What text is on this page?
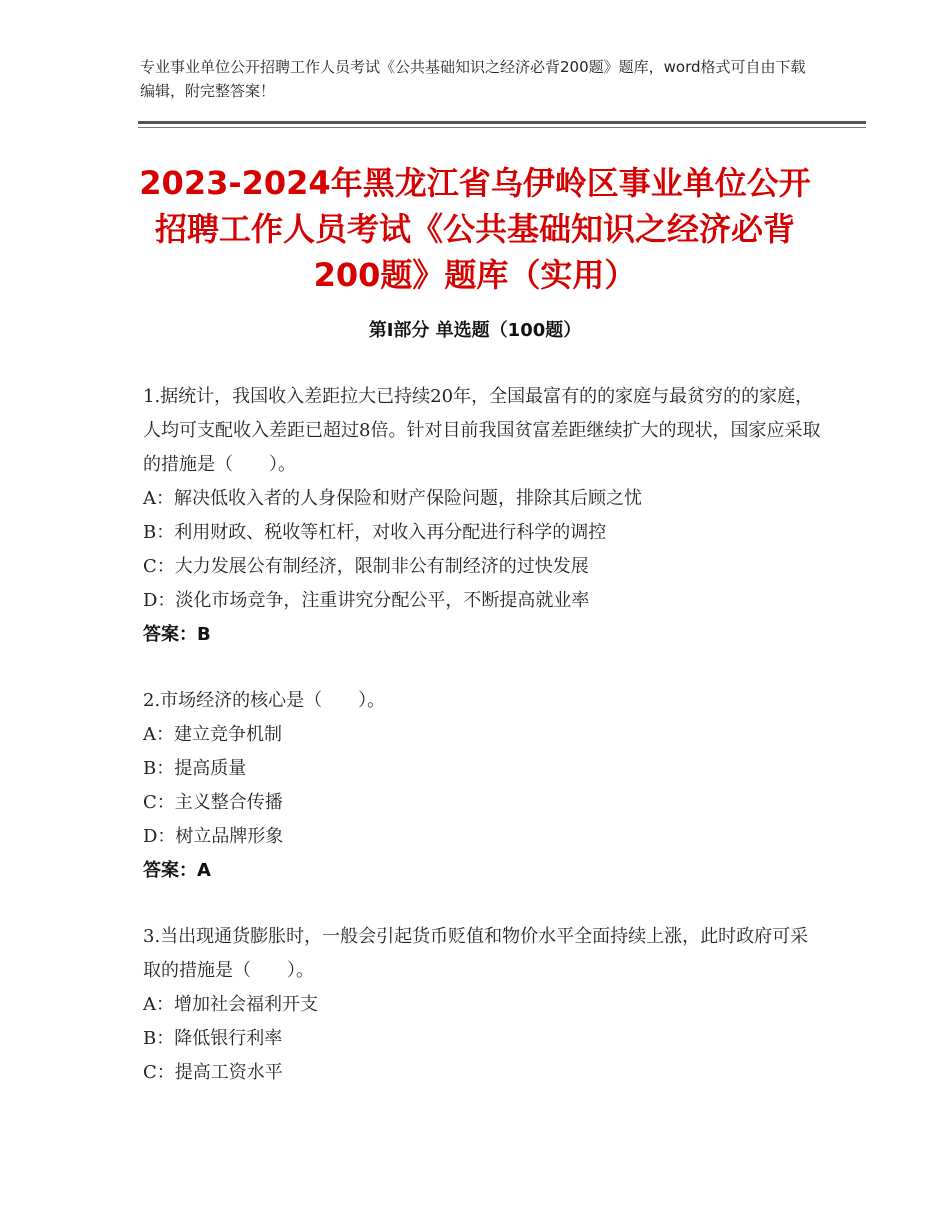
专业事业单位公开招聘工作人员考试《公共基础知识之经济必背200题》题库，word格式可自由下载编辑，附完整答案！
2023-2024年黑龙江省乌伊岭区事业单位公开招聘工作人员考试《公共基础知识之经济必背200题》题库（实用）
第Ⅰ部分 单选题（100题）
1.据统计，我国收入差距拉大已持续20年，全国最富有的的家庭与最贫穷的的家庭，人均可支配收入差距已超过8倍。针对目前我国贫富差距继续扩大的现状，国家应采取的措施是（　　）。
A：解决低收入者的人身保险和财产保险问题，排除其后顾之忧
B：利用财政、税收等杠杆，对收入再分配进行科学的调控
C：大力发展公有制经济，限制非公有制经济的过快发展
D：淡化市场竞争，注重讲究分配公平，不断提高就业率
答案：B
2.市场经济的核心是（　　）。
A：建立竞争机制
B：提高质量
C：主义整合传播
D：树立品牌形象
答案：A
3.当出现通货膨胀时，一般会引起货币贬值和物价水平全面持续上涨，此时政府可采取的措施是（　　）。
A：增加社会福利开支
B：降低银行利率
C：提高工资水平
